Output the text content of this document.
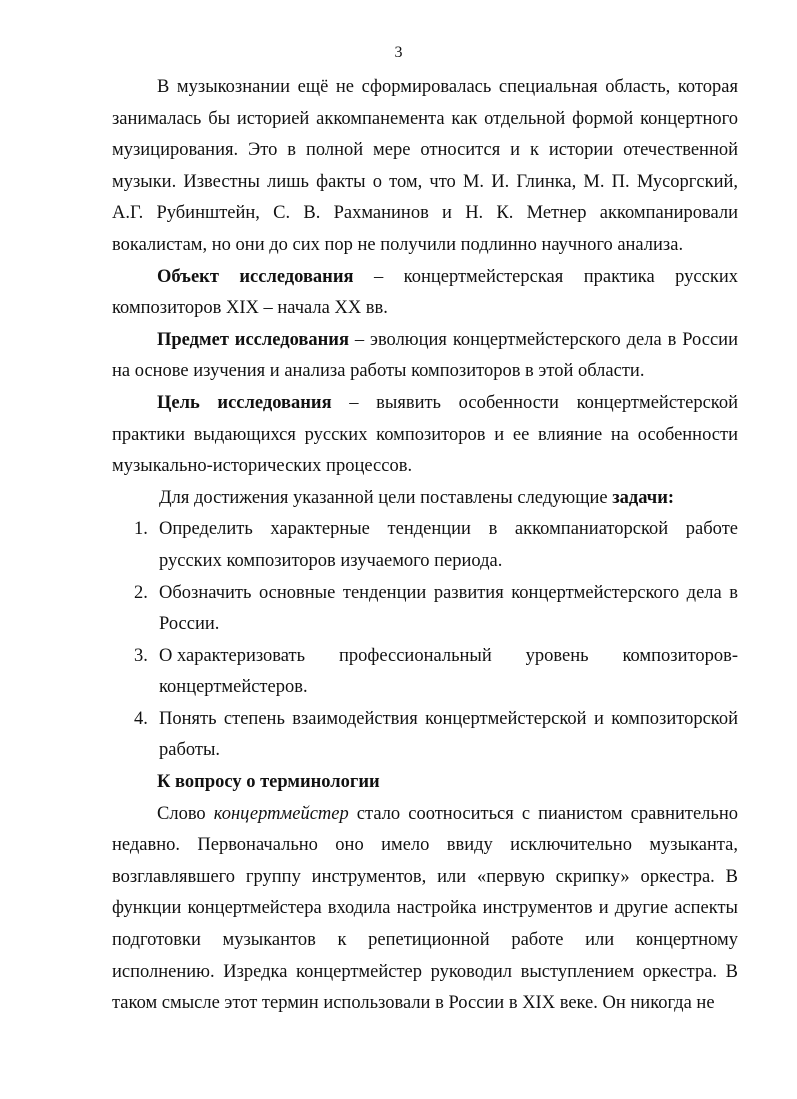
3

В музыкознании ещё не сформировалась специальная область, которая занималась бы историей аккомпанемента как отдельной формой концертного музицирования. Это в полной мере относится и к истории отечественной музыки. Известны лишь факты о том, что М. И. Глинка, М. П. Мусоргский, А.Г. Рубинштейн, С. В. Рахманинов и Н. К. Метнер аккомпанировали вокалистам, но они до сих пор не получили подлинно научного анализа.

Объект исследования – концертмейстерская практика русских композиторов XIX – начала XX вв.

Предмет исследования – эволюция концертмейстерского дела в России на основе изучения и анализа работы композиторов в этой области.

Цель исследования – выявить особенности концертмейстерской практики выдающихся русских композиторов и ее влияние на особенности музыкально-исторических процессов.

Для достижения указанной цели поставлены следующие задачи:

1. Определить характерные тенденции в аккомпаниаторской работе русских композиторов изучаемого периода.
2. Обозначить основные тенденции развития концертмейстерского дела в России.
3. О характеризовать профессиональный уровень композиторов-
концертмейстеров.
4. Понять степень взаимодействия концертмейстерской и композиторской работы.

К вопросу о терминологии

Слово концертмейстер стало соотноситься с пианистом сравнительно недавно. Первоначально оно имело ввиду исключительно музыканта, возглавлявшего группу инструментов, или «первую скрипку» оркестра. В функции концертмейстера входила настройка инструментов и другие аспекты подготовки музыкантов к репетиционной работе или концертному исполнению. Изредка концертмейстер руководил выступлением оркестра. В таком смысле этот термин использовали в России в XIX веке. Он никогда не
